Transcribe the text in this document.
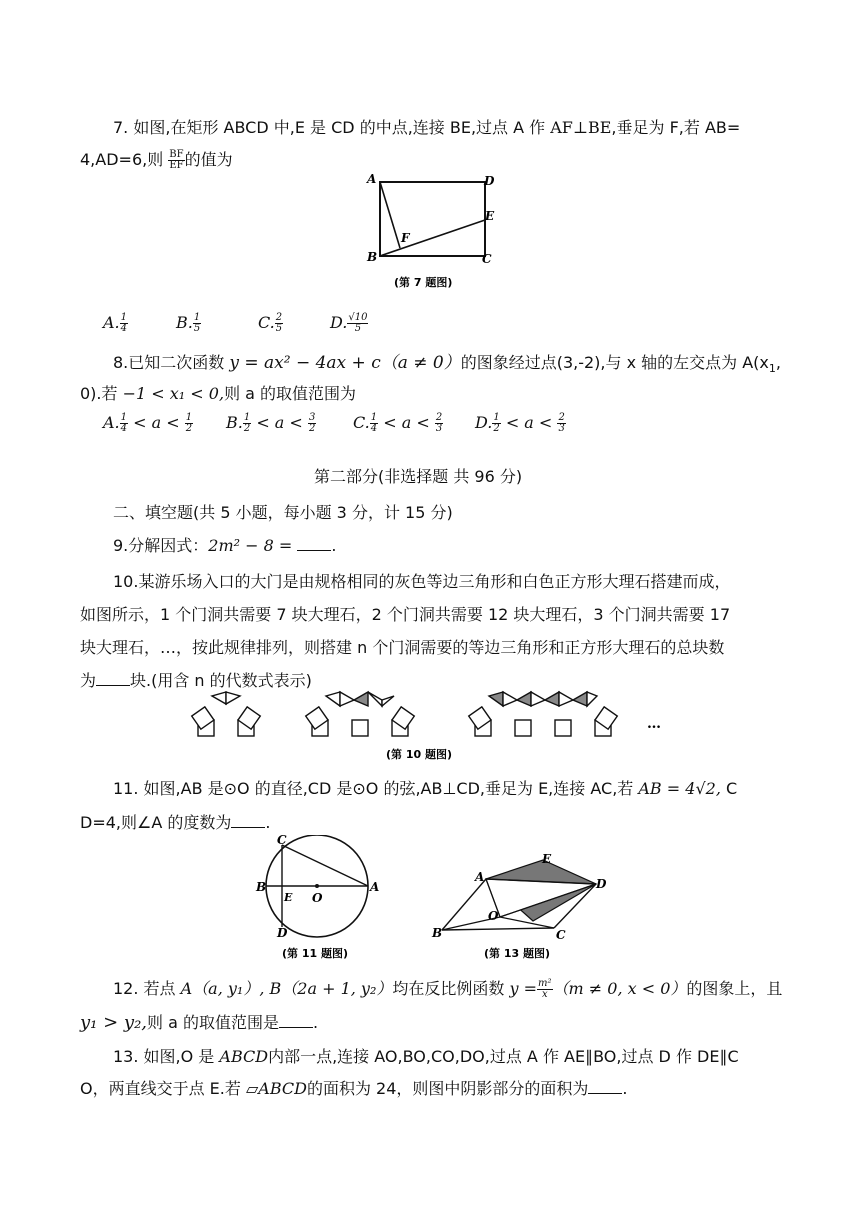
7. 如图,在矩形 ABCD 中,E 是 CD 的中点,连接 BE,过点 A 作 AF⊥BE,垂足为 F,若 AB=
4,AD=6,则 $\frac{BF}{EF}$ 的值为
A	D
E
F
B	C
(第 7 题图)
A. $\frac{1}{4}$	B. $\frac{1}{5}$	C. $\frac{2}{5}$	D. $\frac{√10}{5}$
8.已知二次函数 y = ax² − 4ax + c（a ≠ 0）的图象经过点(3,-2),与 x 轴的左交点为 $A(x_1$,
0).若 −1 < x₁ < 0,则 a 的取值范围为
A. $\frac{1}{4} < a < \frac{1}{2} B$. $\frac{1}{2} < a < \frac{3}{2} C$. $\frac{1}{4} < a < \frac{2}{3} D$. $\frac{1}{2} < a < \frac{2}{3}$
第二部分(非选择题 共 96 分)
二、填空题(共 5 小题，每小题 3 分，计 15 分)
9.分解因式：2m² − 8 = .
10.某游乐场入口的大门是由规格相同的灰色等边三角形和白色正方形大理石搭建而成，
如图所示，1 个门洞共需要 7 块大理石，2 个门洞共需要 12 块大理石，3 个门洞共需要 17
块大理石，…，按此规律排列，则搭建 n 个门洞需要的等边三角形和正方形大理石的总块数
为 块.(用含 n 的代数式表示)
…
(第 10 题图)
11. 如图,AB 是⊙O 的直径,CD 是⊙O 的弦,AB⊥CD,垂足为 E,连接 AC,若 AB = 4√2, C
D=4,则∠A 的度数为 .
C
B
E O
A
D
(第 11 题图)
A
E
D
O
B	C
(第 13 题图)
12. 若点 A（a, y₁）, B（2a + 1, y₂）均在反比例函数 $y = \frac{\text{m²}}{x} (m \ne 0$, x < 0）的图象上，且
y₁ > y₂,则 a 的取值范围是 .
13. 如图,O 是 ABCD内部一点,连接 AO,BO,CO,DO,过点 A 作 AE∥BO,过点 D 作 DE∥C
O，两直线交于点 E.若 ▱ABCD的面积为 24，则图中阴影部分的面积为 .
